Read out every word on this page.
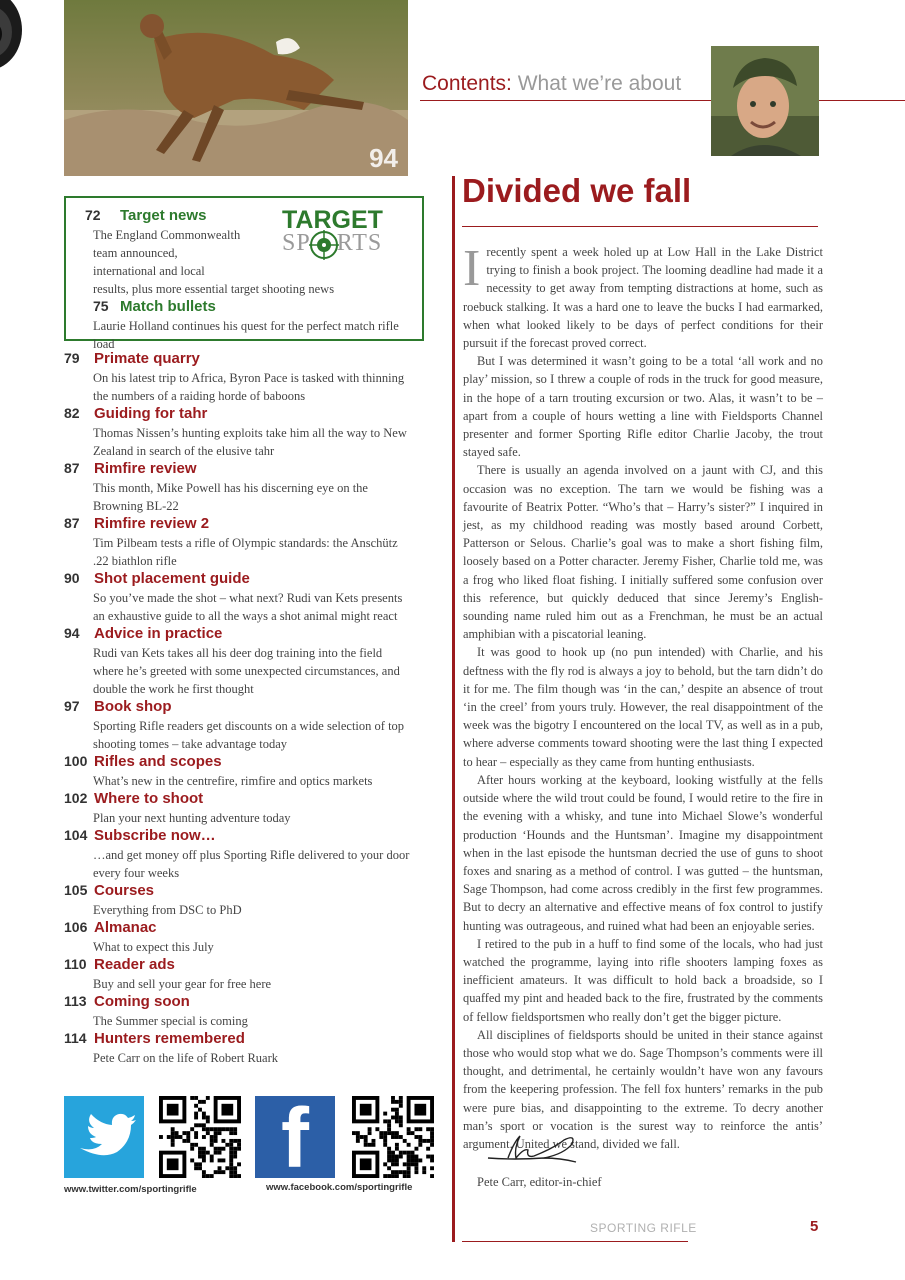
94
Contents: What we’re about
TARGET
SP RTS
72	Target news
The England Commonwealth
team announced,
international and local
results, plus more essential target shooting news
75 Match bullets
Laurie Holland continues his quest for the perfect match rifle load
79 Primate quarry
On his latest trip to Africa, Byron Pace is tasked with thinning
the numbers of a raiding horde of baboons
82 Guiding for tahr
Thomas Nissen’s hunting exploits take him all the way to New
Zealand in search of the elusive tahr
87 Rimfire review
This month, Mike Powell has his discerning eye on the
Browning BL-22
87 Rimfire review 2
Tim Pilbeam tests a rifle of Olympic standards: the Anschütz
.22 biathlon rifle
90 Shot placement guide
So you’ve made the shot – what next? Rudi van Kets presents
an exhaustive guide to all the ways a shot animal might react
94 Advice in practice
Rudi van Kets takes all his deer dog training into the field
where he’s greeted with some unexpected circumstances, and
double the work he first thought
97 Book shop
Sporting Rifle readers get discounts on a wide selection of top
shooting tomes – take advantage today
100 Rifles and scopes
What’s new in the centrefire, rimfire and optics markets
102 Where to shoot
Plan your next hunting adventure today
104 Subscribe now…
…and get money off plus Sporting Rifle delivered to your door
every four weeks
105 Courses
Everything from DSC to PhD
106 Almanac
What to expect this July
110 Reader ads
Buy and sell your gear for free here
113 Coming soon
The Summer special is coming
114 Hunters remembered
Pete Carr on the life of Robert Ruark
f
www.twitter.com/sportingrifle	www.facebook.com/sportingrifle
Divided we fall

Irecently spent a week holed up at Low Hall in the Lake District trying to finish a book project. The looming deadline had made it a necessity to get away from tempting distractions at home, such as roebuck stalking. It was a hard one to leave the bucks I had earmarked, when what looked likely to be days of perfect conditions for their pursuit if the forecast proved correct.

But I was determined it wasn’t going to be a total ‘all work and no play’ mission, so I threw a couple of rods in the truck for good measure, in the hope of a tarn trouting excursion or two. Alas, it wasn’t to be – apart from a couple of hours wetting a line with Fieldsports Channel presenter and former Sporting Rifle editor Charlie Jacoby, the trout stayed safe.

There is usually an agenda involved on a jaunt with CJ, and this occasion was no exception. The tarn we would be fishing was a favourite of Beatrix Potter. “Who’s that – Harry’s sister?” I inquired in jest, as my childhood reading was mostly based around Corbett, Patterson or Selous. Charlie’s goal was to make a short fishing film, loosely based on a Potter character. Jeremy Fisher, Charlie told me, was a frog who liked float fishing. I initially suffered some confusion over this reference, but quickly deduced that since Jeremy’s English-sounding name ruled him out as a Frenchman, he must be an actual amphibian with a piscatorial leaning.

It was good to hook up (no pun intended) with Charlie, and his deftness with the fly rod is always a joy to behold, but the tarn didn’t do it for me. The film though was ‘in the can,’ despite an absence of trout ‘in the creel’ from yours truly. However, the real disappointment of the week was the bigotry I encountered on the local TV, as well as in a pub, where adverse comments toward shooting were the last thing I expected to hear – especially as they came from hunting enthusiasts.

After hours working at the keyboard, looking wistfully at the fells outside where the wild trout could be found, I would retire to the fire in the evening with a whisky, and tune into Michael Slowe’s wonderful production ‘Hounds and the Huntsman’. Imagine my disappointment when in the last episode the huntsman decried the use of guns to shoot foxes and snaring as a method of control. I was gutted – the huntsman, Sage Thompson, had come across credibly in the first few programmes. But to decry an alternative and effective means of fox control to justify hunting was outrageous, and ruined what had been an enjoyable series.

I retired to the pub in a huff to find some of the locals, who had just watched the programme, laying into rifle shooters lamping foxes as inefficient amateurs. It was difficult to hold back a broadside, so I quaffed my pint and headed back to the fire, frustrated by the comments of fellow fieldsportsmen who really don’t get the bigger picture.

All disciplines of fieldsports should be united in their stance against those who would stop what we do. Sage Thompson’s comments were ill thought, and detrimental, he certainly wouldn’t have won any favours from the keepering profession. The fell fox hunters’ remarks in the pub were pure bias, and disappointing to the extreme. To decry another man’s sport or vocation is the surest way to reinforce the antis’ argument. United we stand, divided we fall.

Pete Carr, editor-in-chief
SPORTING RIFLE	5
